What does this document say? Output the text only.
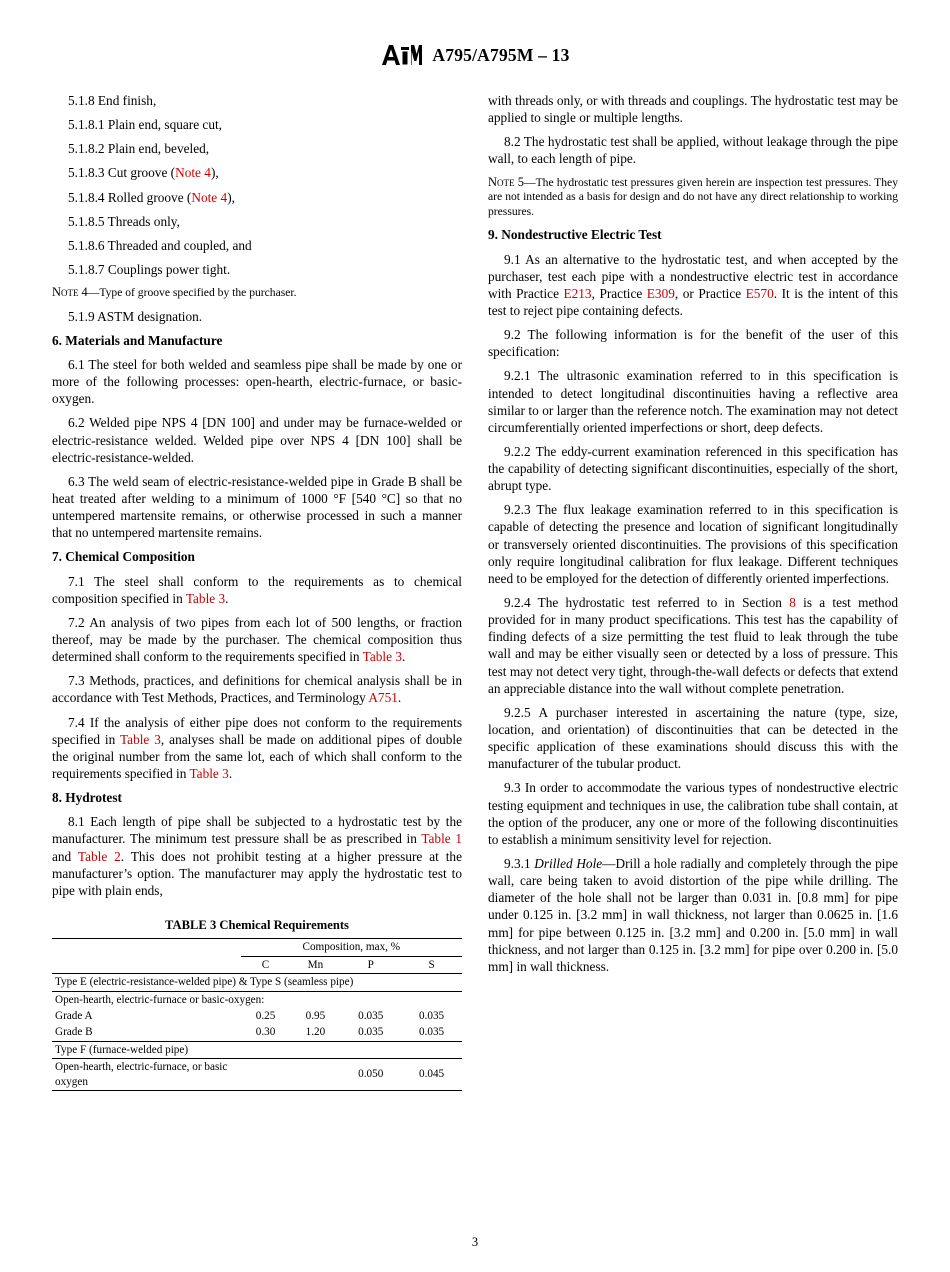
A795/A795M – 13

5.1.8 End finish,

5.1.8.1 Plain end, square cut,

5.1.8.2 Plain end, beveled,

5.1.8.3 Cut groove (Note 4),

5.1.8.4 Rolled groove (Note 4),

5.1.8.5 Threads only,

5.1.8.6 Threaded and coupled, and

5.1.8.7 Couplings power tight.

Note 4—Type of groove specified by the purchaser.

5.1.9 ASTM designation.

6. Materials and Manufacture

6.1 The steel for both welded and seamless pipe shall be made by one or more of the following processes: open-hearth, electric-furnace, or basic-oxygen.

6.2 Welded pipe NPS 4 [DN 100] and under may be furnace-welded or electric-resistance welded. Welded pipe over NPS 4 [DN 100] shall be electric-resistance-welded.

6.3 The weld seam of electric-resistance-welded pipe in Grade B shall be heat treated after welding to a minimum of 1000 °F [540 °C] so that no untempered martensite remains, or otherwise processed in such a manner that no untempered martensite remains.

7. Chemical Composition

7.1 The steel shall conform to the requirements as to chemical composition specified in Table 3.

7.2 An analysis of two pipes from each lot of 500 lengths, or fraction thereof, may be made by the purchaser. The chemical composition thus determined shall conform to the requirements specified in Table 3.

7.3 Methods, practices, and definitions for chemical analysis shall be in accordance with Test Methods, Practices, and Terminology A751.

7.4 If the analysis of either pipe does not conform to the requirements specified in Table 3, analyses shall be made on additional pipes of double the original number from the same lot, each of which shall conform to the requirements specified in Table 3.

8. Hydrotest

8.1 Each length of pipe shall be subjected to a hydrostatic test by the manufacturer. The minimum test pressure shall be as prescribed in Table 1 and Table 2. This does not prohibit testing at a higher pressure at the manufacturer’s option. The manufacturer may apply the hydrostatic test to pipe with plain ends,

TABLE 3 Chemical Requirements
	Composition, max, %			
	C	Mn	P	S
Type E (electric-resistance-welded pipe) & Type S (seamless pipe)				
Open-hearth, electric-furnace or basic-oxygen:				
Grade A	0.25	0.95	0.035	0.035
Grade B	0.30	1.20	0.035	0.035
Type F (furnace-welded pipe)				
Open-hearth, electric-furnace, or basic oxygen			0.050	0.045

with threads only, or with threads and couplings. The hydrostatic test may be applied to single or multiple lengths.

8.2 The hydrostatic test shall be applied, without leakage through the pipe wall, to each length of pipe.

Note 5—The hydrostatic test pressures given herein are inspection test pressures. They are not intended as a basis for design and do not have any direct relationship to working pressures.

9. Nondestructive Electric Test

9.1 As an alternative to the hydrostatic test, and when accepted by the purchaser, test each pipe with a nondestructive electric test in accordance with Practice E213, Practice E309, or Practice E570. It is the intent of this test to reject pipe containing defects.

9.2 The following information is for the benefit of the user of this specification:

9.2.1 The ultrasonic examination referred to in this specification is intended to detect longitudinal discontinuities having a reflective area similar to or larger than the reference notch. The examination may not detect circumferentially oriented imperfections or short, deep defects.

9.2.2 The eddy-current examination referenced in this specification has the capability of detecting significant discontinuities, especially of the short, abrupt type.

9.2.3 The flux leakage examination referred to in this specification is capable of detecting the presence and location of significant longitudinally or transversely oriented discontinuities. The provisions of this specification only require longitudinal calibration for flux leakage. Different techniques need to be employed for the detection of differently oriented imperfections.

9.2.4 The hydrostatic test referred to in Section 8 is a test method provided for in many product specifications. This test has the capability of finding defects of a size permitting the test fluid to leak through the tube wall and may be either visually seen or detected by a loss of pressure. This test may not detect very tight, through-the-wall defects or defects that extend an appreciable distance into the wall without complete penetration.

9.2.5 A purchaser interested in ascertaining the nature (type, size, location, and orientation) of discontinuities that can be detected in the specific application of these examinations should discuss this with the manufacturer of the tubular product.

9.3 In order to accommodate the various types of nondestructive electric testing equipment and techniques in use, the calibration tube shall contain, at the option of the producer, any one or more of the following discontinuities to establish a minimum sensitivity level for rejection.

9.3.1 Drilled Hole—Drill a hole radially and completely through the pipe wall, care being taken to avoid distortion of the pipe while drilling. The diameter of the hole shall not be larger than 0.031 in. [0.8 mm] for pipe under 0.125 in. [3.2 mm] in wall thickness, not larger than 0.0625 in. [1.6 mm] for pipe between 0.125 in. [3.2 mm] and 0.200 in. [5.0 mm] in wall thickness, and not larger than 0.125 in. [3.2 mm] for pipe over 0.200 in. [5.0 mm] in wall thickness.

3
